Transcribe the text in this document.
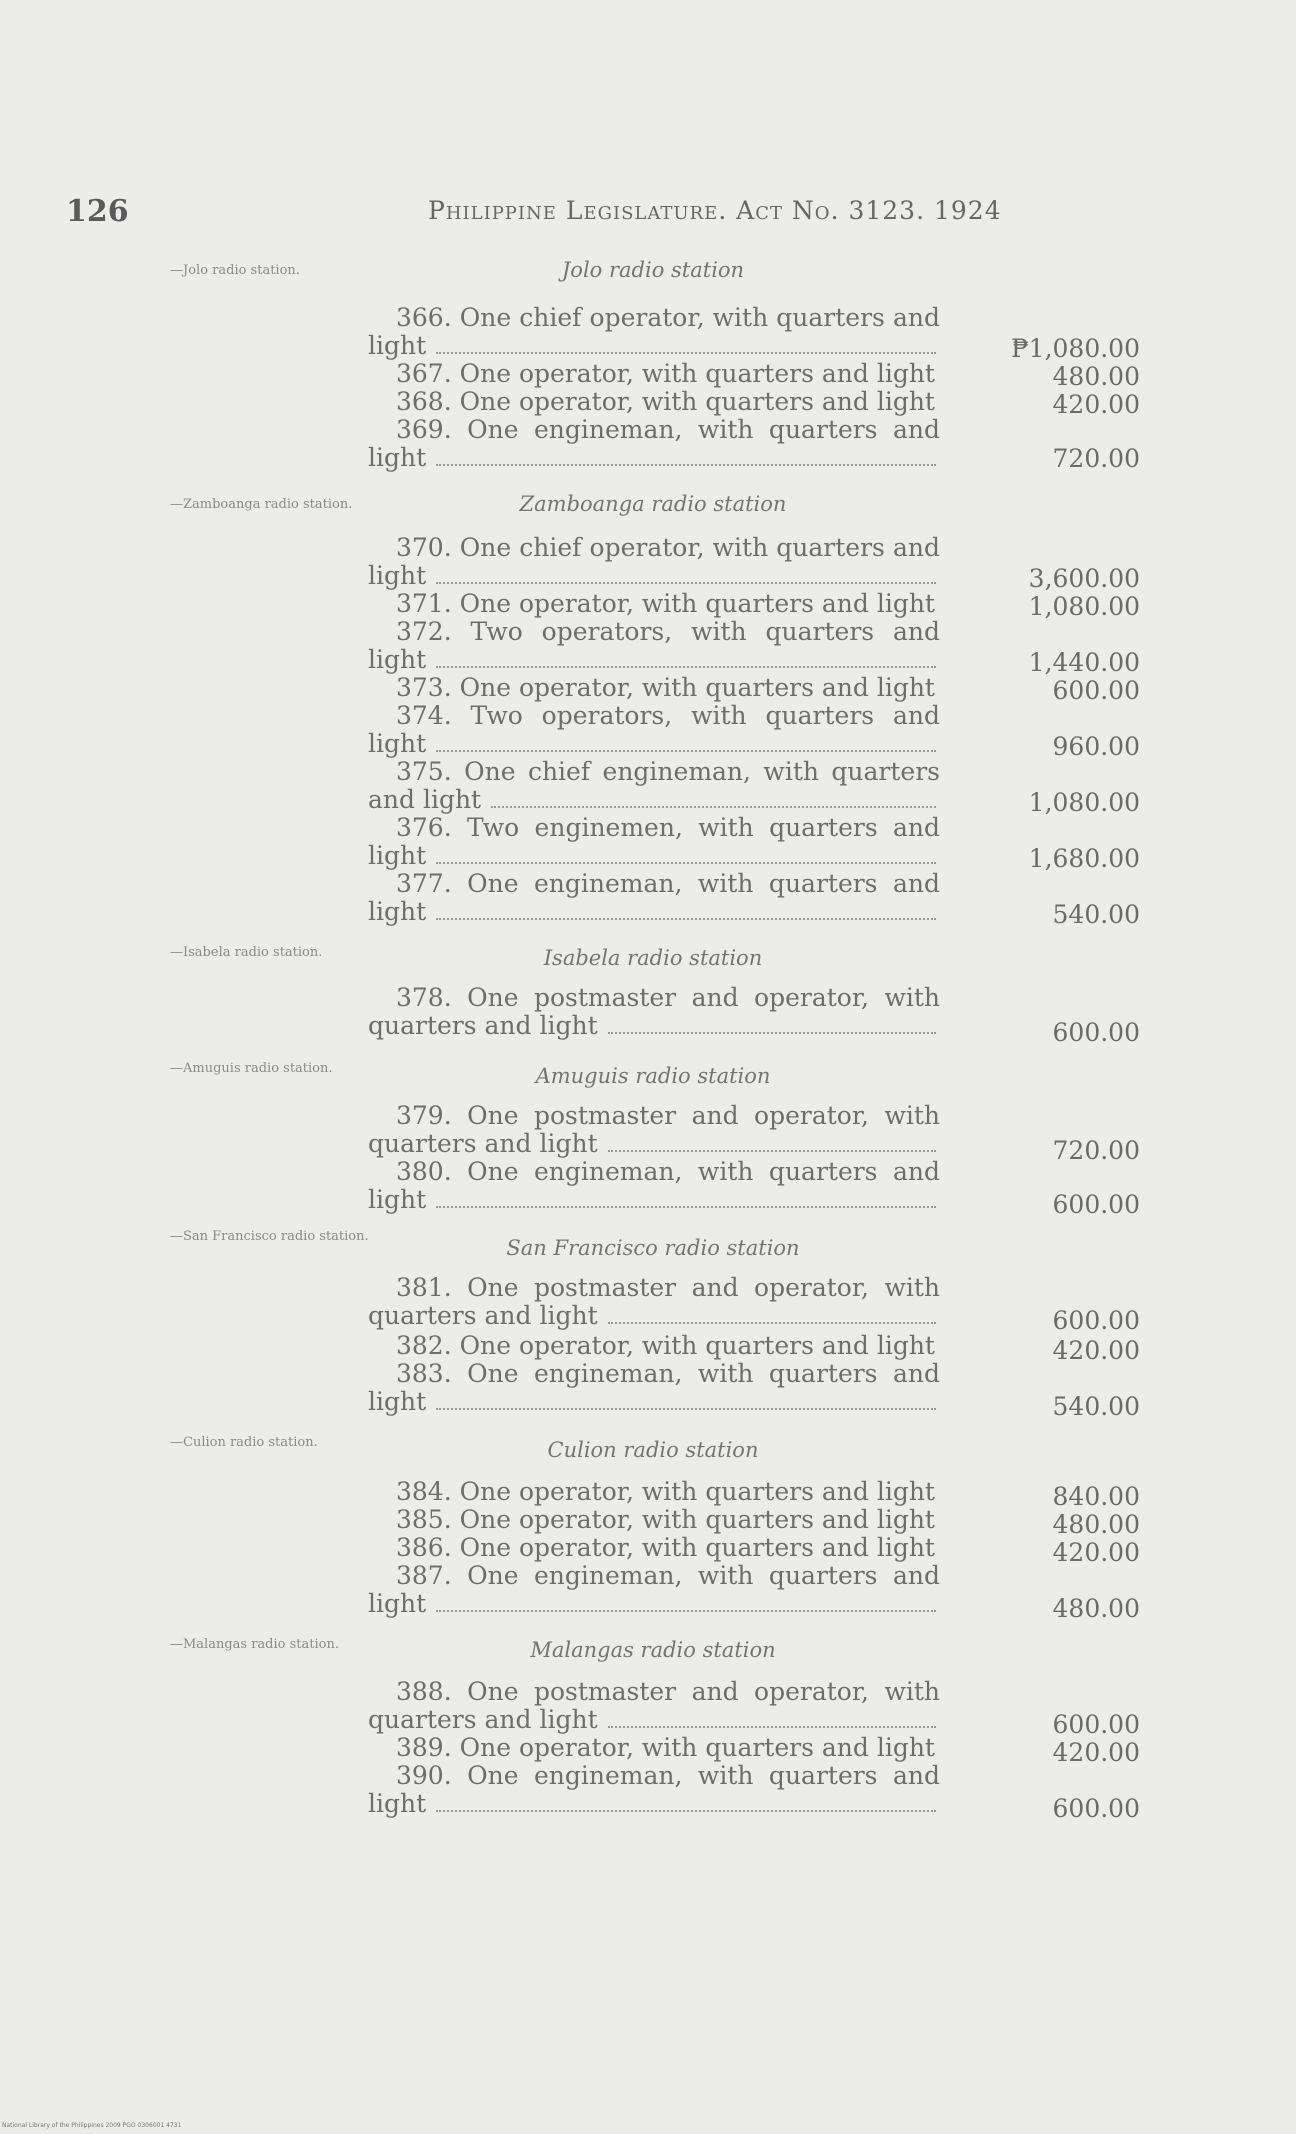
126	Philippine Legislature. Act No. 3123. 1924
—Jolo radio station.	Jolo radio station
366. One chief operator, with quarters and
light	₱1,080.00
367. One operator, with quarters and light	480.00
368. One operator, with quarters and light	420.00
369. One engineman, with quarters and
light	720.00
—Zamboanga radio station.	Zamboanga radio station
370. One chief operator, with quarters and
light	3,600.00
371. One operator, with quarters and light	1,080.00
372. Two operators, with quarters and
light	1,440.00
373. One operator, with quarters and light	600.00
374. Two operators, with quarters and
light	960.00
375. One chief engineman, with quarters
and light	1,080.00
376. Two enginemen, with quarters and
light	1,680.00
377. One engineman, with quarters and
light	540.00
—Isabela radio station.	Isabela radio station
378. One postmaster and operator, with
quarters and light	600.00
—Amuguis radio station.	Amuguis radio station
379. One postmaster and operator, with
quarters and light	720.00
380. One engineman, with quarters and
light	600.00
—San Francisco radio station.	San Francisco radio station
381. One postmaster and operator, with
quarters and light	600.00
382. One operator, with quarters and light	420.00
383. One engineman, with quarters and
light	540.00
—Culion radio station.	Culion radio station
384. One operator, with quarters and light	840.00
385. One operator, with quarters and light	480.00
386. One operator, with quarters and light	420.00
387. One engineman, with quarters and
light	480.00
—Malangas radio station.	Malangas radio station
388. One postmaster and operator, with
quarters and light	600.00
389. One operator, with quarters and light	420.00
390. One engineman, with quarters and
light	600.00
National Library of the Philippines 2009 PGO 0306001 4731
